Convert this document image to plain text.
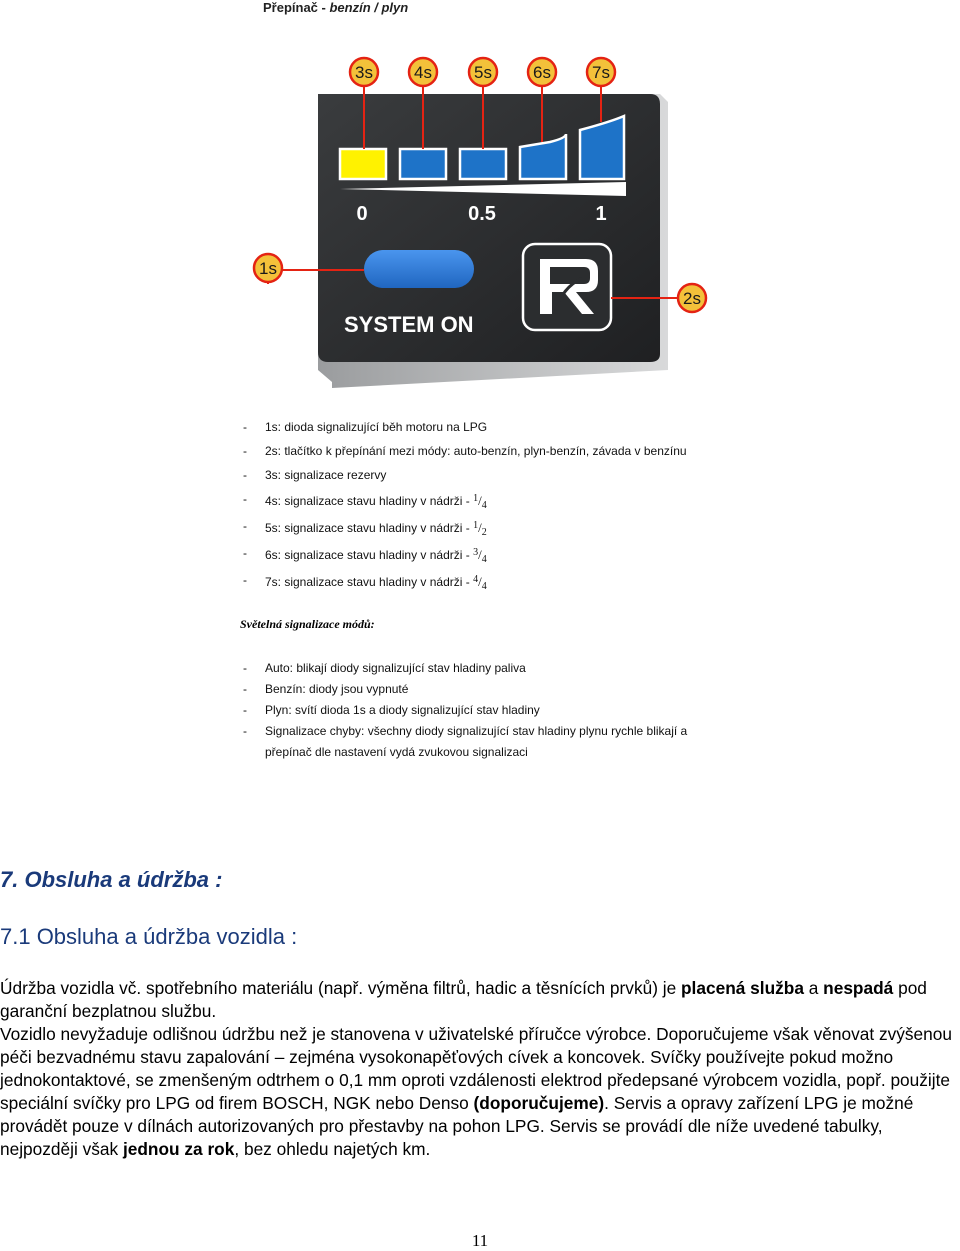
Přepínač - benzín / plyn
0	0.5	1
SYSTEM ON
3s 4s 5s 6s 7s
1s
2s
- 1s: dioda signalizující běh motoru na LPG
- 2s: tlačítko k přepínání mezi módy: auto-benzín, plyn-benzín, závada v benzínu
- 3s: signalizace rezervy
- 4s: signalizace stavu hladiny v nádrži - $^1/_4$
- 5s: signalizace stavu hladiny v nádrži - $^1/_2$
- 6s: signalizace stavu hladiny v nádrži - $^3/_4$
- 7s: signalizace stavu hladiny v nádrži - $^4/_4$
Světelná signalizace módů:
- Auto: blikají diody signalizující stav hladiny paliva
- Benzín: diody jsou vypnuté
- Plyn: svítí dioda 1s a diody signalizující stav hladiny
- Signalizace chyby: všechny diody signalizující stav hladiny plynu rychle blikají a
přepínač dle nastavení vydá zvukovou signalizaci
7. Obsluha a údržba :
7.1 Obsluha a údržba vozidla :

Údržba vozidla vč. spotřebního materiálu (např. výměna filtrů, hadic a těsnících prvků) je placená služba a nespadá pod garanční bezplatnou službu.

Vozidlo nevyžaduje odlišnou údržbu než je stanovena v uživatelské příručce výrobce. Doporučujeme však věnovat zvýšenou péči bezvadnému stavu zapalování – zejména vysokonapěťových cívek a koncovek. Svíčky používejte pokud možno jednokontaktové, se zmenšeným odtrhem o 0,1 mm oproti vzdálenosti elektrod předepsané výrobcem vozidla, popř. použijte speciální svíčky pro LPG od firem BOSCH, NGK nebo Denso (doporučujeme). Servis a opravy zařízení LPG je možné provádět pouze v dílnách autorizovaných pro přestavby na pohon LPG. Servis se provádí dle níže uvedené tabulky, nejpozději však jednou za rok, bez ohledu najetých km.

11
